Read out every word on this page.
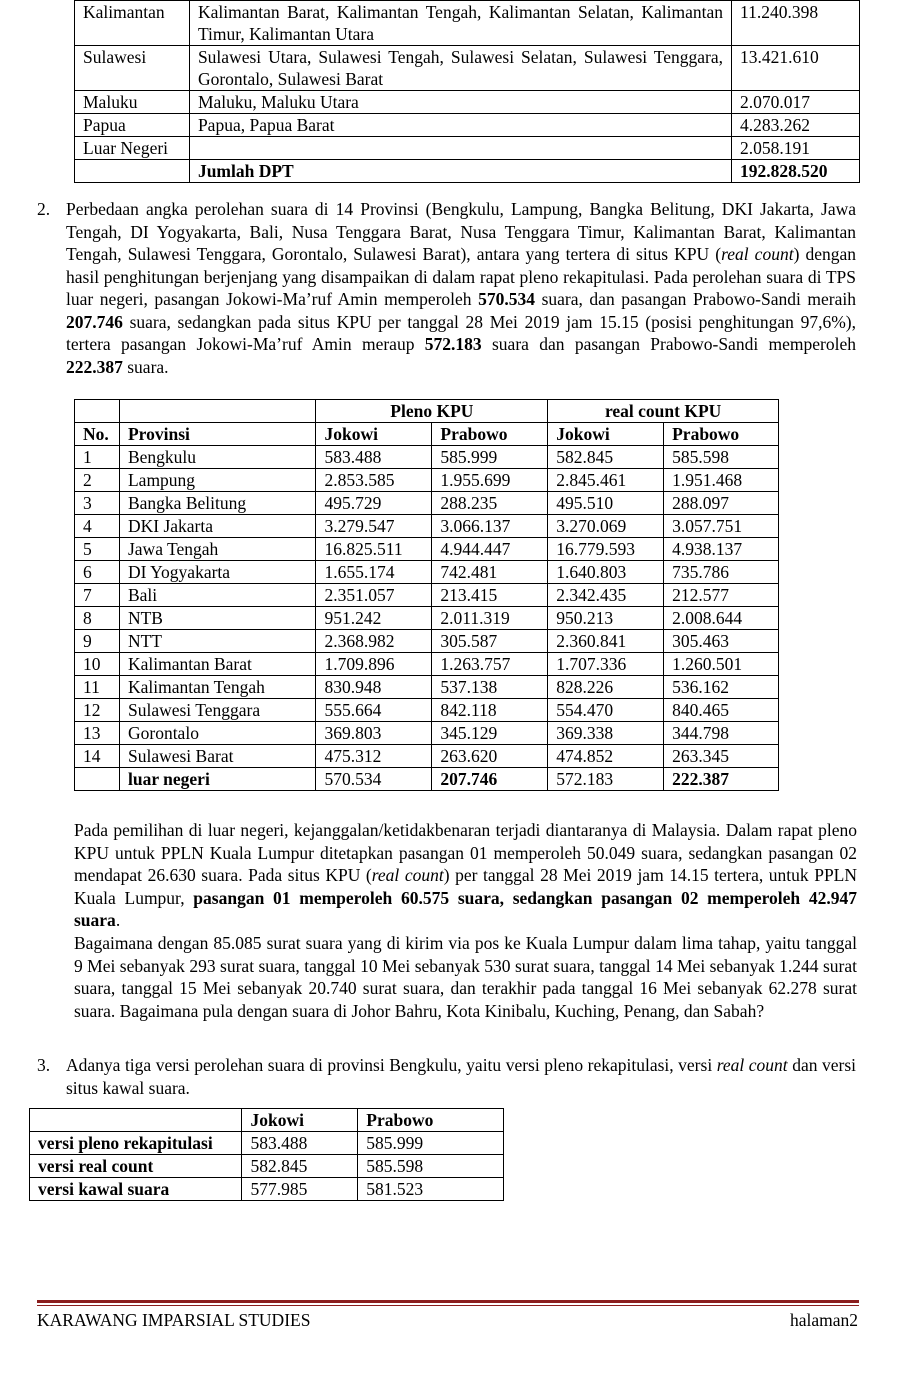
Kalimantan	Kalimantan Barat, Kalimantan Tengah, Kalimantan Selatan, Kalimantan Timur, Kalimantan Utara	11.240.398
Sulawesi	Sulawesi Utara, Sulawesi Tengah, Sulawesi Selatan, Sulawesi Tenggara, Gorontalo, Sulawesi Barat	13.421.610
Maluku	Maluku, Maluku Utara	2.070.017
Papua	Papua, Papua Barat	4.283.262
Luar Negeri		2.058.191
	Jumlah DPT	192.828.520

2. Perbedaan angka perolehan suara di 14 Provinsi (Bengkulu, Lampung, Bangka Belitung, DKI Jakarta, Jawa Tengah, DI Yogyakarta, Bali, Nusa Tenggara Barat, Nusa Tenggara Timur, Kalimantan Barat, Kalimantan Tengah, Sulawesi Tenggara, Gorontalo, Sulawesi Barat), antara yang tertera di situs KPU (real count) dengan hasil penghitungan berjenjang yang disampaikan di dalam rapat pleno rekapitulasi. Pada perolehan suara di TPS luar negeri, pasangan Jokowi-Ma’ruf Amin memperoleh 570.534 suara, dan pasangan Prabowo-Sandi meraih 207.746 suara, sedangkan pada situs KPU per tanggal 28 Mei 2019 jam 15.15 (posisi penghitungan 97,6%), tertera pasangan Jokowi-Ma’ruf Amin meraup 572.183 suara dan pasangan Prabowo-Sandi memperoleh 222.387 suara.

		Pleno KPU		real count KPU	
No.	Provinsi	Jokowi	Prabowo	Jokowi	Prabowo
1	Bengkulu	583.488	585.999	582.845	585.598
2	Lampung	2.853.585	1.955.699	2.845.461	1.951.468
3	Bangka Belitung	495.729	288.235	495.510	288.097
4	DKI Jakarta	3.279.547	3.066.137	3.270.069	3.057.751
5	Jawa Tengah	16.825.511	4.944.447	16.779.593	4.938.137
6	DI Yogyakarta	1.655.174	742.481	1.640.803	735.786
7	Bali	2.351.057	213.415	2.342.435	212.577
8	NTB	951.242	2.011.319	950.213	2.008.644
9	NTT	2.368.982	305.587	2.360.841	305.463
10	Kalimantan Barat	1.709.896	1.263.757	1.707.336	1.260.501
11	Kalimantan Tengah	830.948	537.138	828.226	536.162
12	Sulawesi Tenggara	555.664	842.118	554.470	840.465
13	Gorontalo	369.803	345.129	369.338	344.798
14	Sulawesi Barat	475.312	263.620	474.852	263.345
	luar negeri	570.534	207.746	572.183	222.387

Pada pemilihan di luar negeri, kejanggalan/ketidakbenaran terjadi diantaranya di Malaysia. Dalam rapat pleno KPU untuk PPLN Kuala Lumpur ditetapkan pasangan 01 memperoleh 50.049 suara, sedangkan pasangan 02 mendapat 26.630 suara. Pada situs KPU (real count) per tanggal 28 Mei 2019 jam 14.15 tertera, untuk PPLN Kuala Lumpur, pasangan 01 memperoleh 60.575 suara, sedangkan pasangan 02 memperoleh 42.947 suara.

Bagaimana dengan 85.085 surat suara yang di kirim via pos ke Kuala Lumpur dalam lima tahap, yaitu tanggal 9 Mei sebanyak 293 surat suara, tanggal 10 Mei sebanyak 530 surat suara, tanggal 14 Mei sebanyak 1.244 surat suara, tanggal 15 Mei sebanyak 20.740 surat suara, dan terakhir pada tanggal 16 Mei sebanyak 62.278 surat suara. Bagaimana pula dengan suara di Johor Bahru, Kota Kinibalu, Kuching, Penang, dan Sabah?

3. Adanya tiga versi perolehan suara di provinsi Bengkulu, yaitu versi pleno rekapitulasi, versi real count dan versi situs kawal suara.

	Jokowi	Prabowo
versi pleno rekapitulasi	583.488	585.999
versi real count	582.845	585.598
versi kawal suara	577.985	581.523
KARAWANG IMPARSIAL STUDIES	halaman2
